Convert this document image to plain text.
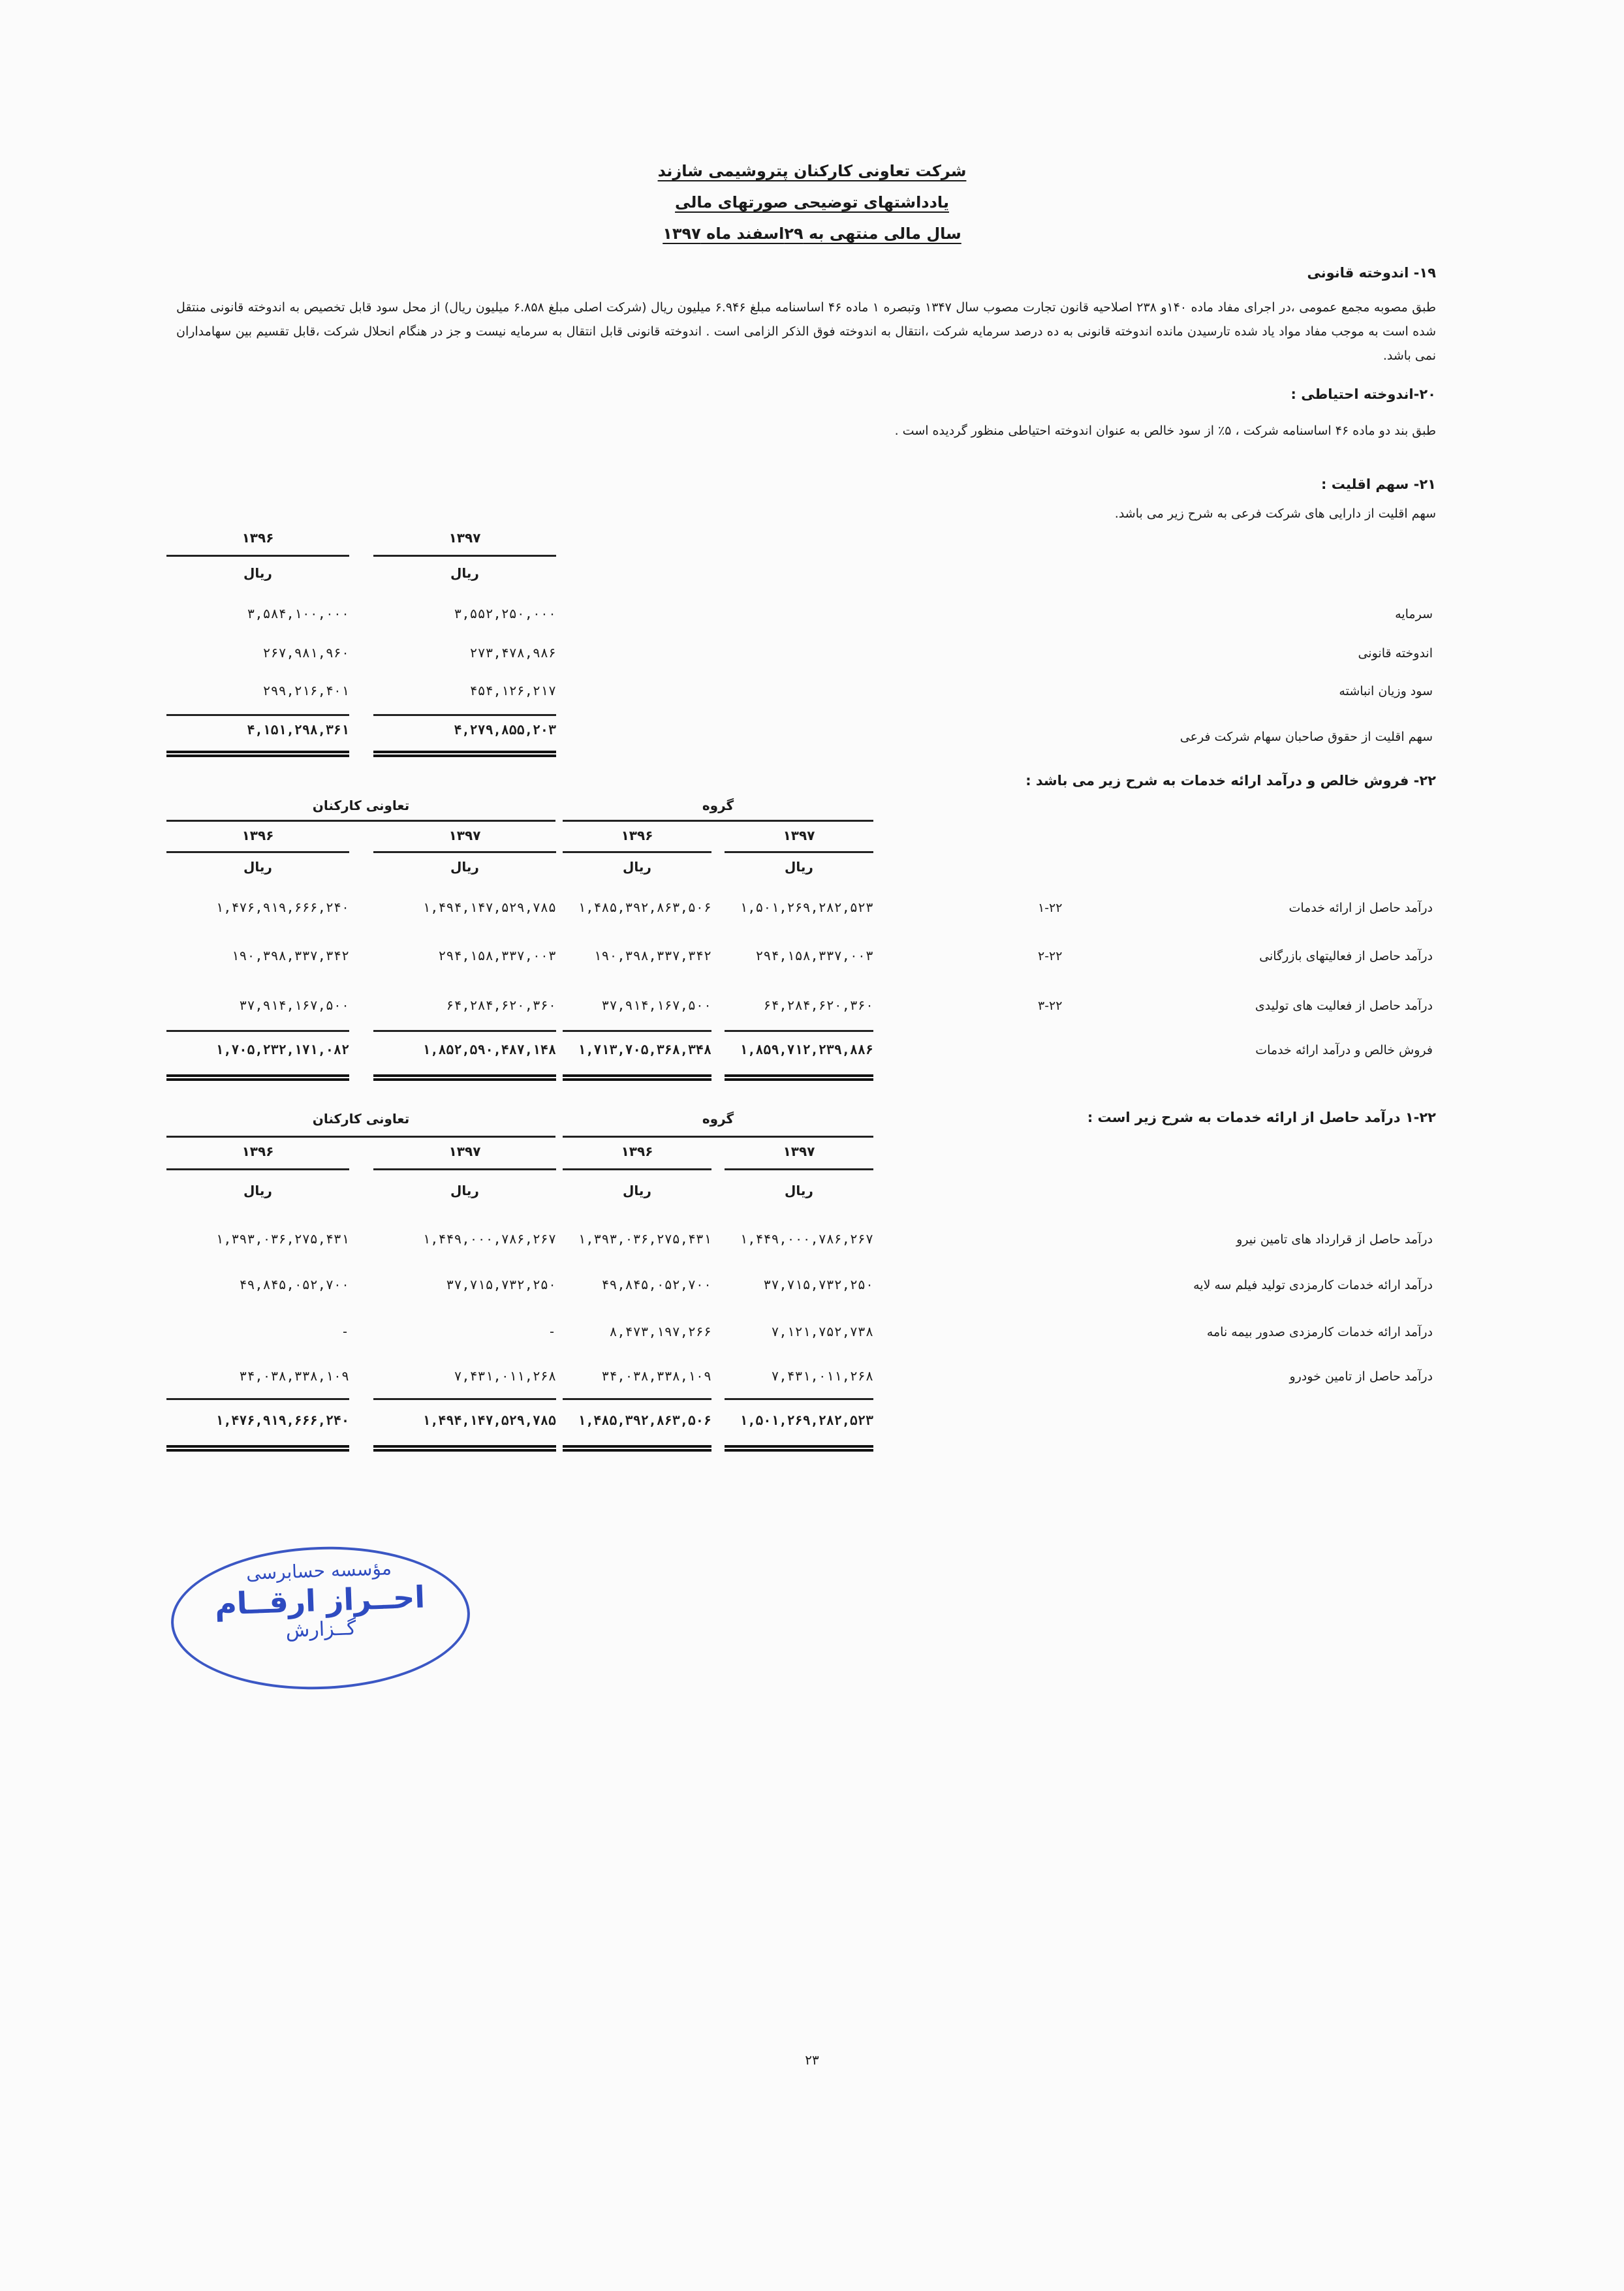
شرکت تعاونی کارکنان پتروشیمی شازند
یادداشتهای توضیحی صورتهای مالی
سال مالی منتهی به ۲۹اسفند ماه ۱۳۹۷
۱۹- اندوخته قانونی
طبق مصوبه مجمع عمومی ،در اجرای مفاد ماده ۱۴۰و ۲۳۸ اصلاحیه قانون تجارت مصوب سال ۱۳۴۷ وتبصره ۱ ماده ۴۶ اساسنامه مبلغ ۶.۹۴۶ میلیون ریال (شرکت اصلی مبلغ ۶.۸۵۸ میلیون ریال) از محل سود قابل تخصیص به اندوخته قانونی منتقل شده است به موجب مفاد مواد یاد شده تارسیدن مانده اندوخته قانونی به ده درصد سرمایه شرکت ،انتقال به اندوخته فوق الذکر الزامی است . اندوخته قانونی قابل انتقال به سرمایه نیست و جز در هنگام انحلال شرکت ،قابل تقسیم بین سهامداران نمی باشد.
۲۰-اندوخته احتیاطی :
طبق بند دو ماده ۴۶ اساسنامه شرکت ، ۵٪ از سود خالص به عنوان اندوخته احتیاطی منظور گردیده است .
۲۱- سهم اقلیت :
سهم اقلیت از دارایی های شرکت فرعی به شرح زیر می باشد.
۱۳۹۷
۱۳۹۶
ریال
ریال
سرمایه
۳,۵۵۲,۲۵۰,۰۰۰
۳,۵۸۴,۱۰۰,۰۰۰
اندوخته قانونی
۲۷۳,۴۷۸,۹۸۶
۲۶۷,۹۸۱,۹۶۰
سود وزیان انباشته
۴۵۴,۱۲۶,۲۱۷
۲۹۹,۲۱۶,۴۰۱
سهم اقلیت از حقوق صاحبان سهام شرکت فرعی
۴,۲۷۹,۸۵۵,۲۰۳
۴,۱۵۱,۲۹۸,۳۶۱
۲۲- فروش خالص و درآمد ارائه خدمات به شرح زیر می باشد :
گروه
تعاونی کارکنان
۱۳۹۷
۱۳۹۶
۱۳۹۷
۱۳۹۶
ریال
ریال
ریال
ریال
درآمد حاصل از ارائه خدمات
۱-۲۲
۱,۵۰۱,۲۶۹,۲۸۲,۵۲۳
۱,۴۸۵,۳۹۲,۸۶۳,۵۰۶
۱,۴۹۴,۱۴۷,۵۲۹,۷۸۵
۱,۴۷۶,۹۱۹,۶۶۶,۲۴۰
درآمد حاصل از فعالیتهای بازرگانی
۲-۲۲
۲۹۴,۱۵۸,۳۳۷,۰۰۳
۱۹۰,۳۹۸,۳۳۷,۳۴۲
۲۹۴,۱۵۸,۳۳۷,۰۰۳
۱۹۰,۳۹۸,۳۳۷,۳۴۲
درآمد حاصل از فعالیت های تولیدی
۳-۲۲
۶۴,۲۸۴,۶۲۰,۳۶۰
۳۷,۹۱۴,۱۶۷,۵۰۰
۶۴,۲۸۴,۶۲۰,۳۶۰
۳۷,۹۱۴,۱۶۷,۵۰۰
فروش خالص و درآمد ارائه خدمات
۱,۸۵۹,۷۱۲,۲۳۹,۸۸۶
۱,۷۱۳,۷۰۵,۳۶۸,۳۴۸
۱,۸۵۲,۵۹۰,۴۸۷,۱۴۸
۱,۷۰۵,۲۳۲,۱۷۱,۰۸۲
۱-۲۲ درآمد حاصل از ارائه خدمات به شرح زیر است :
گروه
تعاونی کارکنان
۱۳۹۷
۱۳۹۶
۱۳۹۷
۱۳۹۶
ریال
ریال
ریال
ریال
درآمد حاصل از قرارداد های تامین نیرو
۱,۴۴۹,۰۰۰,۷۸۶,۲۶۷
۱,۳۹۳,۰۳۶,۲۷۵,۴۳۱
۱,۴۴۹,۰۰۰,۷۸۶,۲۶۷
۱,۳۹۳,۰۳۶,۲۷۵,۴۳۱
درآمد ارائه خدمات کارمزدی تولید فیلم سه لایه
۳۷,۷۱۵,۷۳۲,۲۵۰
۴۹,۸۴۵,۰۵۲,۷۰۰
۳۷,۷۱۵,۷۳۲,۲۵۰
۴۹,۸۴۵,۰۵۲,۷۰۰
درآمد ارائه خدمات کارمزدی صدور بیمه نامه
۷,۱۲۱,۷۵۲,۷۳۸
۸,۴۷۳,۱۹۷,۲۶۶
-
-
درآمد حاصل از تامین خودرو
۷,۴۳۱,۰۱۱,۲۶۸
۳۴,۰۳۸,۳۳۸,۱۰۹
۷,۴۳۱,۰۱۱,۲۶۸
۳۴,۰۳۸,۳۳۸,۱۰۹
۱,۵۰۱,۲۶۹,۲۸۲,۵۲۳
۱,۴۸۵,۳۹۲,۸۶۳,۵۰۶
۱,۴۹۴,۱۴۷,۵۲۹,۷۸۵
۱,۴۷۶,۹۱۹,۶۶۶,۲۴۰
مؤسسه حسابرسی
احــراز ارقــام
گــزارش
۲۳
